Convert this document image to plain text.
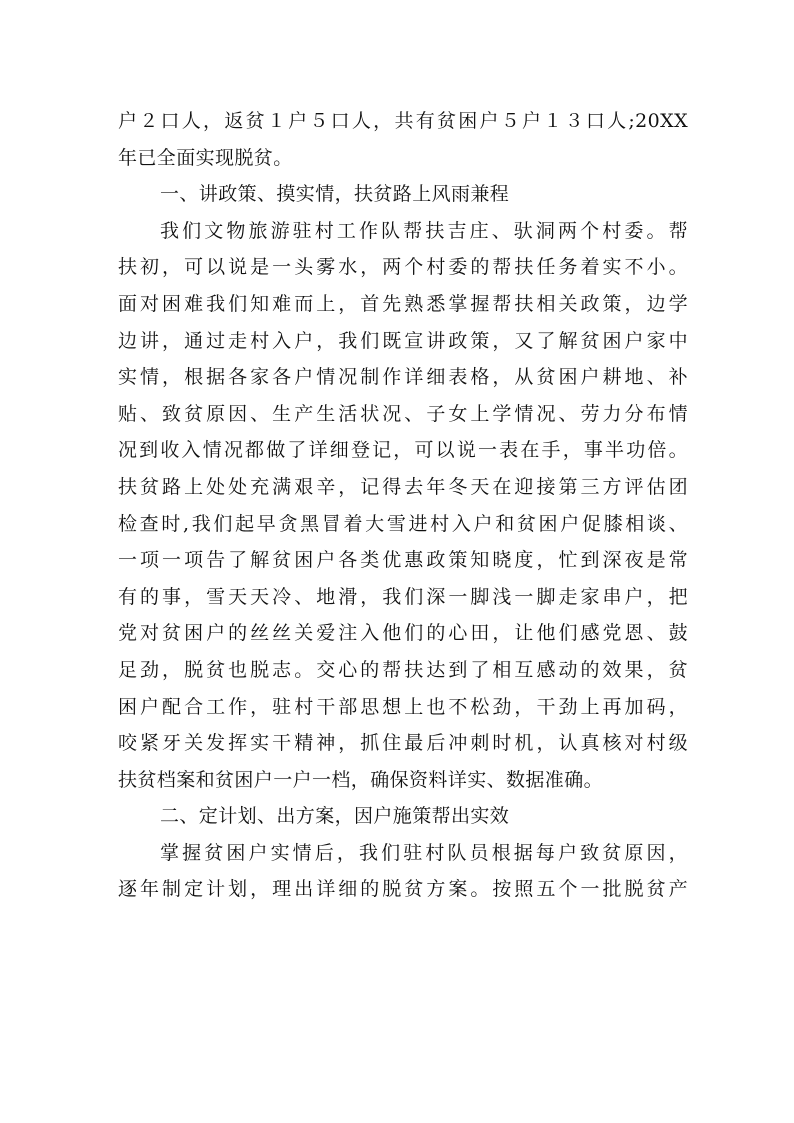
户２口人，返贫１户５口人，共有贫困户５户１３口人;20XX
年已全面实现脱贫。
一、讲政策、摸实情，扶贫路上风雨兼程
我们文物旅游驻村工作队帮扶吉庄、驮洞两个村委。帮
扶初，可以说是一头雾水，两个村委的帮扶任务着实不小。
面对困难我们知难而上，首先熟悉掌握帮扶相关政策，边学
边讲，通过走村入户，我们既宣讲政策，又了解贫困户家中
实情，根据各家各户情况制作详细表格，从贫困户耕地、补
贴、致贫原因、生产生活状况、子女上学情况、劳力分布情
况到收入情况都做了详细登记，可以说一表在手，事半功倍。
扶贫路上处处充满艰辛，记得去年冬天在迎接第三方评估团
检查时,我们起早贪黑冒着大雪进村入户和贫困户促膝相谈、
一项一项告了解贫困户各类优惠政策知晓度，忙到深夜是常
有的事，雪天天冷、地滑，我们深一脚浅一脚走家串户，把
党对贫困户的丝丝关爱注入他们的心田，让他们感党恩、鼓
足劲，脱贫也脱志。交心的帮扶达到了相互感动的效果，贫
困户配合工作，驻村干部思想上也不松劲，干劲上再加码，
咬紧牙关发挥实干精神，抓住最后冲刺时机，认真核对村级
扶贫档案和贫困户一户一档，确保资料详实、数据准确。
二、定计划、出方案，因户施策帮出实效
掌握贫困户实情后，我们驻村队员根据每户致贫原因，
逐年制定计划，理出详细的脱贫方案。按照五个一批脱贫产
